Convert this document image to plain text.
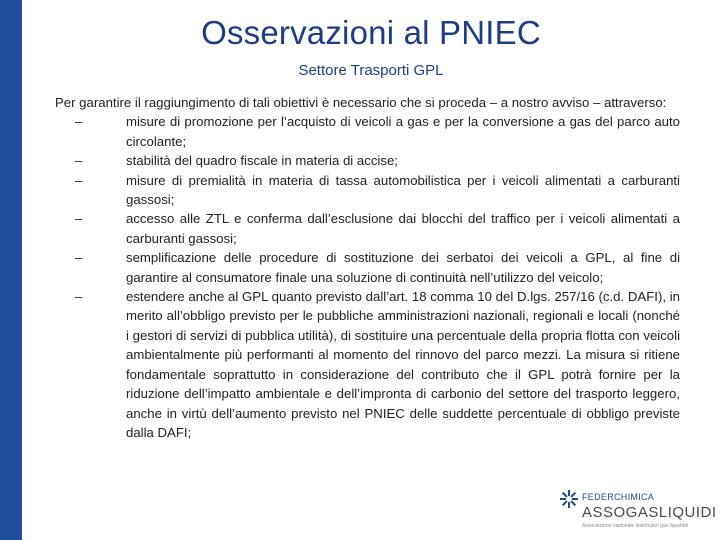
Osservazioni al PNIEC
Settore Trasporti GPL

Per garantire il raggiungimento di tali obiettivi è necessario che si proceda – a nostro avviso – attraverso:

–	misure di promozione per l’acquisto di veicoli a gas e per la conversione a gas del parco auto circolante;
–	stabilità del quadro fiscale in materia di accise;
–	misure di premialità in materia di tassa automobilistica per i veicoli alimentati a carburanti gassosi;
–	accesso alle ZTL e conferma dall’esclusione dai blocchi del traffico per i veicoli alimentati a carburanti gassosi;
–	semplificazione delle procedure di sostituzione dei serbatoi dei veicoli a GPL, al fine di garantire al consumatore finale una soluzione di continuità nell’utilizzo del veicolo;
–	estendere anche al GPL quanto previsto dall’art. 18 comma 10 del D.lgs. 257/16 (c.d. DAFI), in merito all’obbligo previsto per le pubbliche amministrazioni nazionali, regionali e locali (nonché i gestori di servizi di pubblica utilità), di sostituire una percentuale della propria flotta con veicoli ambientalmente più performanti al momento del rinnovo del parco mezzi. La misura si ritiene fondamentale soprattutto in considerazione del contributo che il GPL potrà fornire per la riduzione dell’impatto ambientale e dell’impronta di carbonio del settore del trasporto leggero, anche in virtù dell’aumento previsto nel PNIEC delle suddette percentuale di obbligo previste dalla DAFI;
FEDERCHIMICA
ASSOGASLIQUIDI
Associazione nazionale distributori gas liquefatti
